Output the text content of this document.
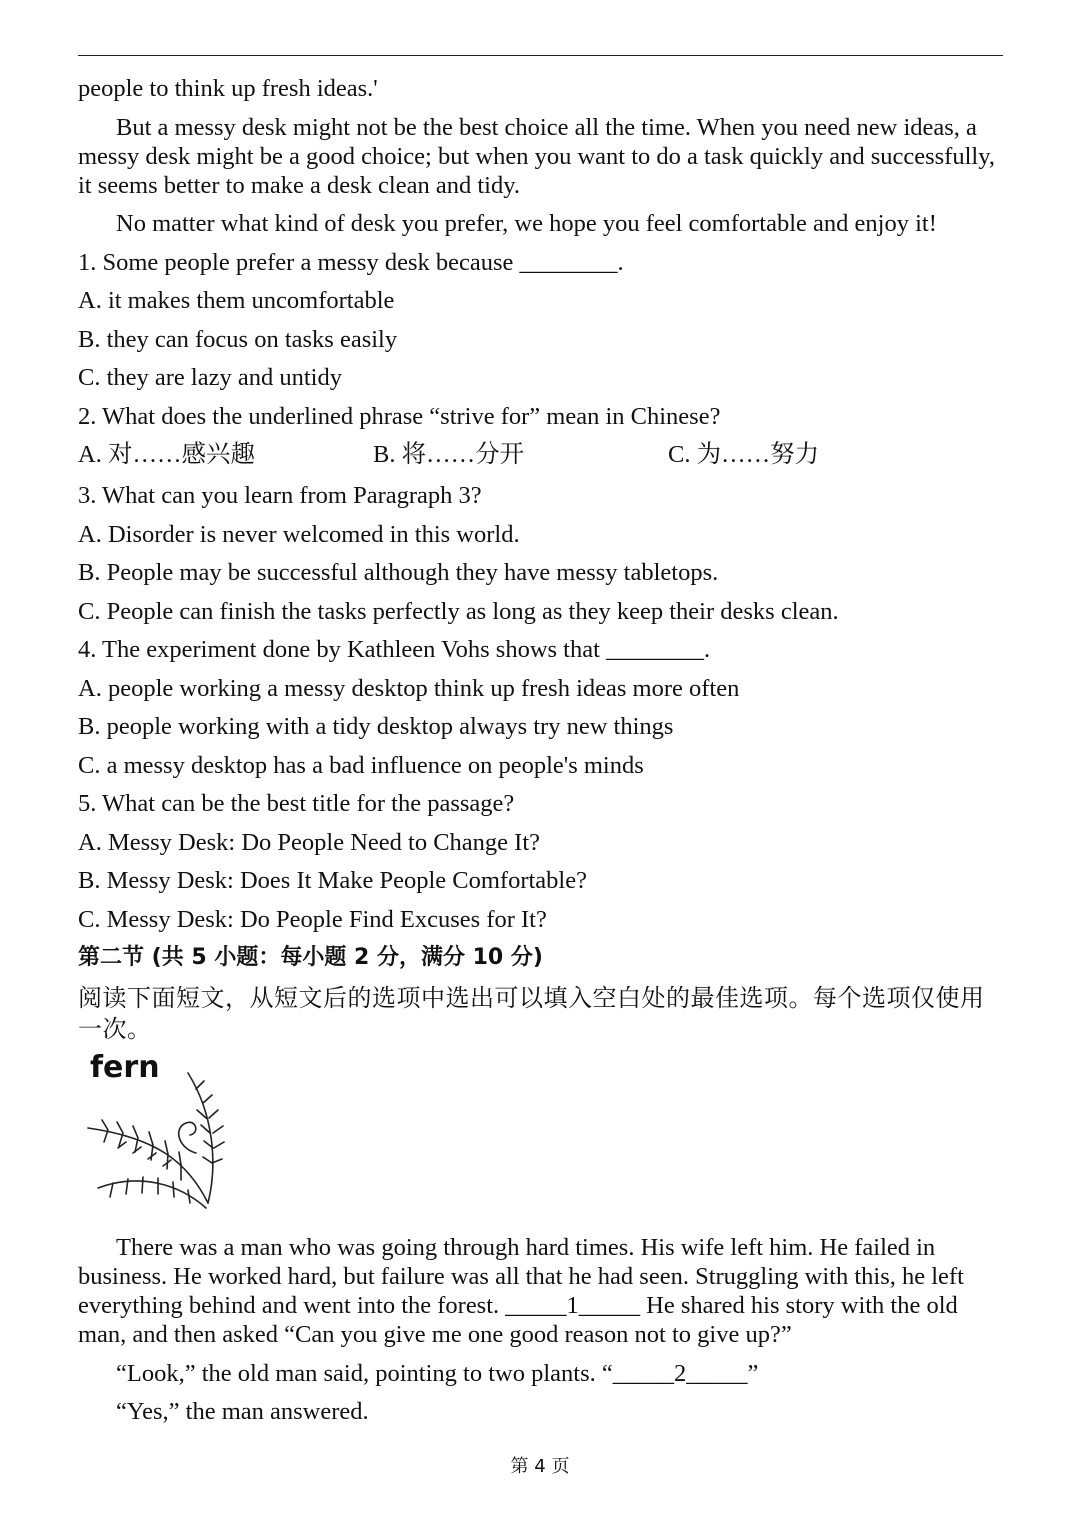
people to think up fresh ideas.'

But a messy desk might not be the best choice all the time. When you need new ideas, a messy desk might be a good choice; but when you want to do a task quickly and successfully, it seems better to make a desk clean and tidy.

No matter what kind of desk you prefer, we hope you feel comfortable and enjoy it!

1. Some people prefer a messy desk because ________.

A. it makes them uncomfortable

B. they can focus on tasks easily

C. they are lazy and untidy

2. What does the underlined phrase “strive for” mean in Chinese?

A. 对……感兴趣	B. 将……分开	C. 为……努力

3. What can you learn from Paragraph 3?

A. Disorder is never welcomed in this world.

B. People may be successful although they have messy tabletops.

C. People can finish the tasks perfectly as long as they keep their desks clean.

4. The experiment done by Kathleen Vohs shows that ________.

A. people working a messy desktop think up fresh ideas more often

B. people working with a tidy desktop always try new things

C. a messy desktop has a bad influence on people's minds

5. What can be the best title for the passage?

A. Messy Desk: Do People Need to Change It?

B. Messy Desk: Does It Make People Comfortable?

C. Messy Desk: Do People Find Excuses for It?

第二节 (共 5 小题：每小题 2 分，满分 10 分)

阅读下面短文，从短文后的选项中选出可以填入空白处的最佳选项。每个选项仅使用一次。

fern

There was a man who was going through hard times. His wife left him. He failed in business. He worked hard, but failure was all that he had seen. Struggling with this, he left everything behind and went into the forest. _____1_____ He shared his story with the old man, and then asked “Can you give me one good reason not to give up?”

“Look,” the old man said, pointing to two plants. “_____2_____”

“Yes,” the man answered.

第 4 页
